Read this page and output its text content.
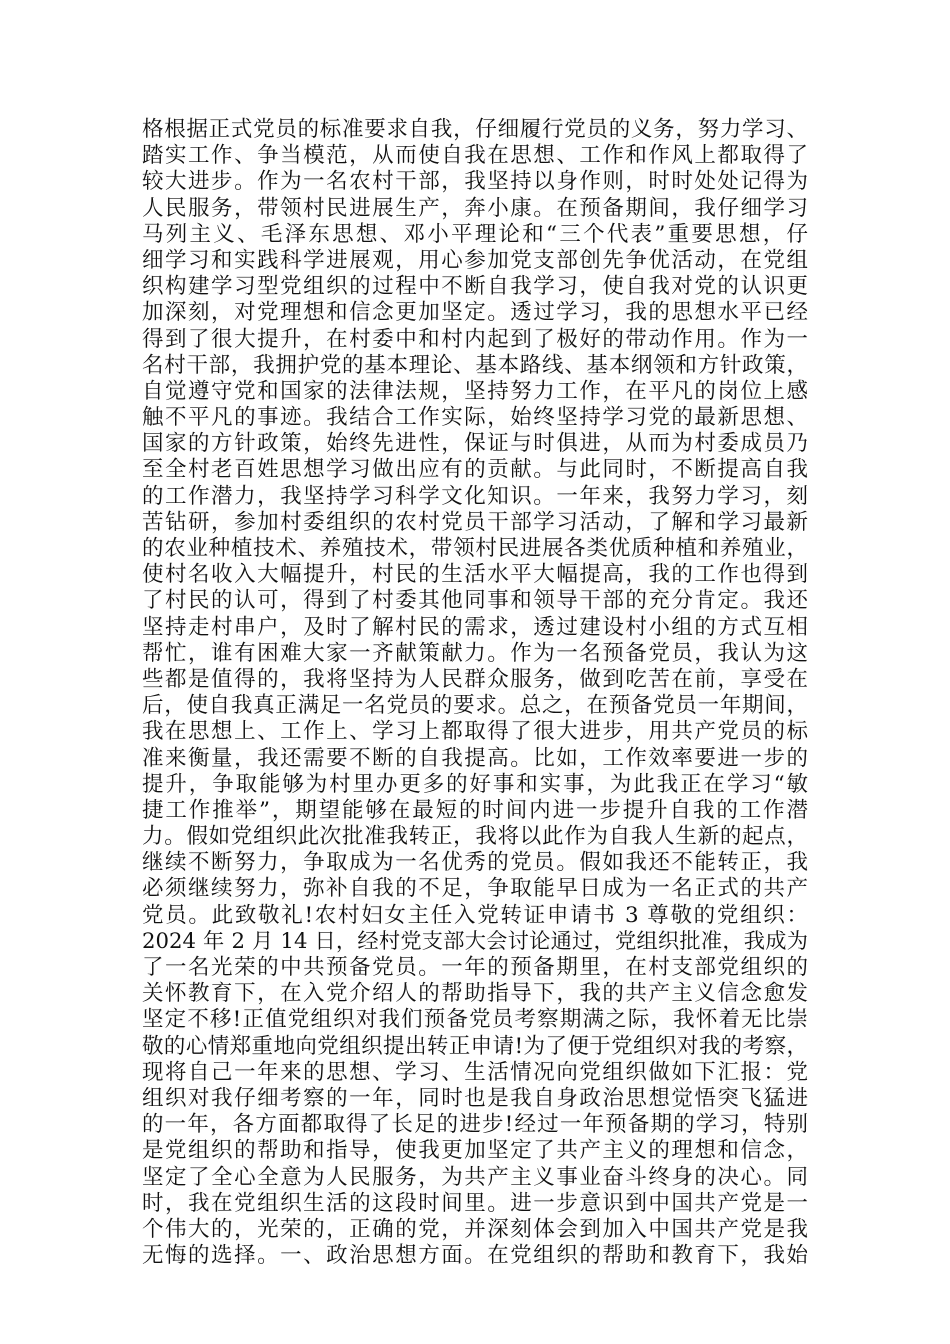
格根据正式党员的标准要求自我，仔细履行党员的义务，努力学习、
踏实工作、争当模范，从而使自我在思想、工作和作风上都取得了
较大进步。作为一名农村干部，我坚持以身作则，时时处处记得为
人民服务，带领村民进展生产，奔小康。在预备期间，我仔细学习
马列主义、毛泽东思想、邓小平理论和“三个代表”重要思想，仔
细学习和实践科学进展观，用心参加党支部创先争优活动，在党组
织构建学习型党组织的过程中不断自我学习，使自我对党的认识更
加深刻，对党理想和信念更加坚定。透过学习，我的思想水平已经
得到了很大提升，在村委中和村内起到了极好的带动作用。作为一
名村干部，我拥护党的基本理论、基本路线、基本纲领和方针政策，
自觉遵守党和国家的法律法规，坚持努力工作，在平凡的岗位上感
触不平凡的事迹。我结合工作实际，始终坚持学习党的最新思想、
国家的方针政策，始终先进性，保证与时俱进，从而为村委成员乃
至全村老百姓思想学习做出应有的贡献。与此同时，不断提高自我
的工作潜力，我坚持学习科学文化知识。一年来，我努力学习，刻
苦钻研，参加村委组织的农村党员干部学习活动，了解和学习最新
的农业种植技术、养殖技术，带领村民进展各类优质种植和养殖业，
使村名收入大幅提升，村民的生活水平大幅提高，我的工作也得到
了村民的认可，得到了村委其他同事和领导干部的充分肯定。我还
坚持走村串户，及时了解村民的需求，透过建设村小组的方式互相
帮忙，谁有困难大家一齐献策献力。作为一名预备党员，我认为这
些都是值得的，我将坚持为人民群众服务，做到吃苦在前，享受在
后，使自我真正满足一名党员的要求。总之，在预备党员一年期间，
我在思想上、工作上、学习上都取得了很大进步，用共产党员的标
准来衡量，我还需要不断的自我提高。比如，工作效率要进一步的
提升，争取能够为村里办更多的好事和实事，为此我正在学习“敏
捷工作推举”，期望能够在最短的时间内进一步提升自我的工作潜
力。假如党组织此次批准我转正，我将以此作为自我人生新的起点，
继续不断努力，争取成为一名优秀的党员。假如我还不能转正，我
必须继续努力，弥补自我的不足，争取能早日成为一名正式的共产
党员。此致敬礼!农村妇女主任入党转证申请书 3 尊敬的党组织：
2024 年 2 月 14 日，经村党支部大会讨论通过，党组织批准，我成为
了一名光荣的中共预备党员。一年的预备期里，在村支部党组织的
关怀教育下，在入党介绍人的帮助指导下，我的共产主义信念愈发
坚定不移!正值党组织对我们预备党员考察期满之际，我怀着无比崇
敬的心情郑重地向党组织提出转正申请!为了便于党组织对我的考察，
现将自己一年来的思想、学习、生活情况向党组织做如下汇报：党
组织对我仔细考察的一年，同时也是我自身政治思想觉悟突飞猛进
的一年，各方面都取得了长足的进步!经过一年预备期的学习，特别
是党组织的帮助和指导，使我更加坚定了共产主义的理想和信念，
坚定了全心全意为人民服务，为共产主义事业奋斗终身的决心。同
时，我在党组织生活的这段时间里。进一步意识到中国共产党是一
个伟大的，光荣的，正确的党，并深刻体会到加入中国共产党是我
无悔的选择。一、政治思想方面。在党组织的帮助和教育下，我始
